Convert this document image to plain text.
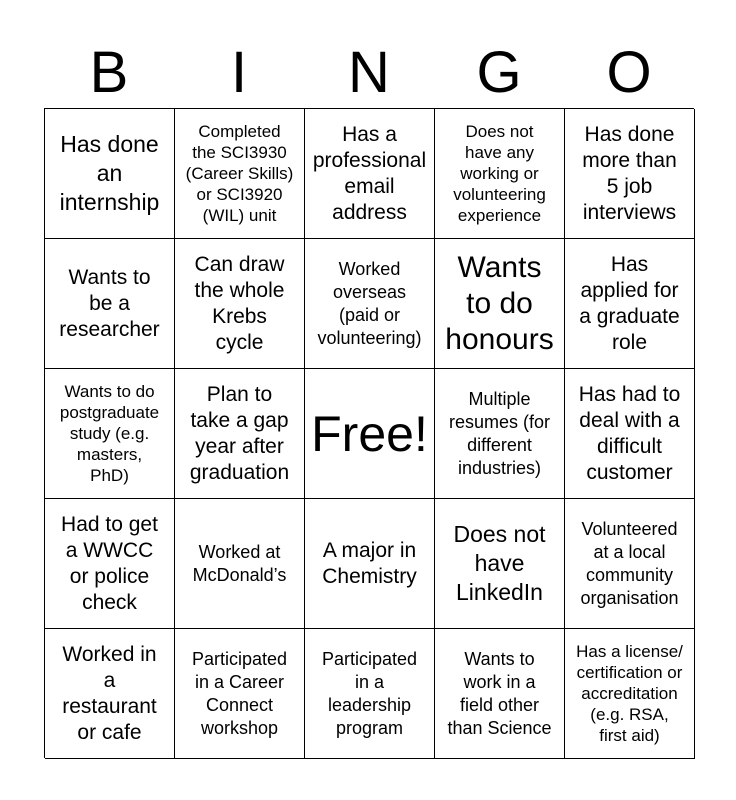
B	I	N	G	O
Has done
an
internship
Completed
the SCI3930
(Career Skills)
or SCI3920
(WIL) unit
Has a
professional
email
address
Does not
have any
working or
volunteering
experience
Has done
more than
5 job
interviews
Wants to
be a
researcher
Can draw
the whole
Krebs
cycle
Worked
overseas
(paid or
volunteering)
Wants
to do
honours
Has
applied for
a graduate
role
Wants to do
postgraduate
study (e.g.
masters,
PhD)
Plan to
take a gap
year after
graduation
Free!
Multiple
resumes (for
different
industries)
Has had to
deal with a
difficult
customer
Had to get
a WWCC
or police
check
Worked at
McDonald’s
A major in
Chemistry
Does not
have
LinkedIn
Volunteered
at a local
community
organisation
Worked in
a
restaurant
or cafe
Participated
in a Career
Connect
workshop
Participated
in a
leadership
program
Wants to
work in a
field other
than Science
Has a license/
certification or
accreditation
(e.g. RSA,
first aid)
